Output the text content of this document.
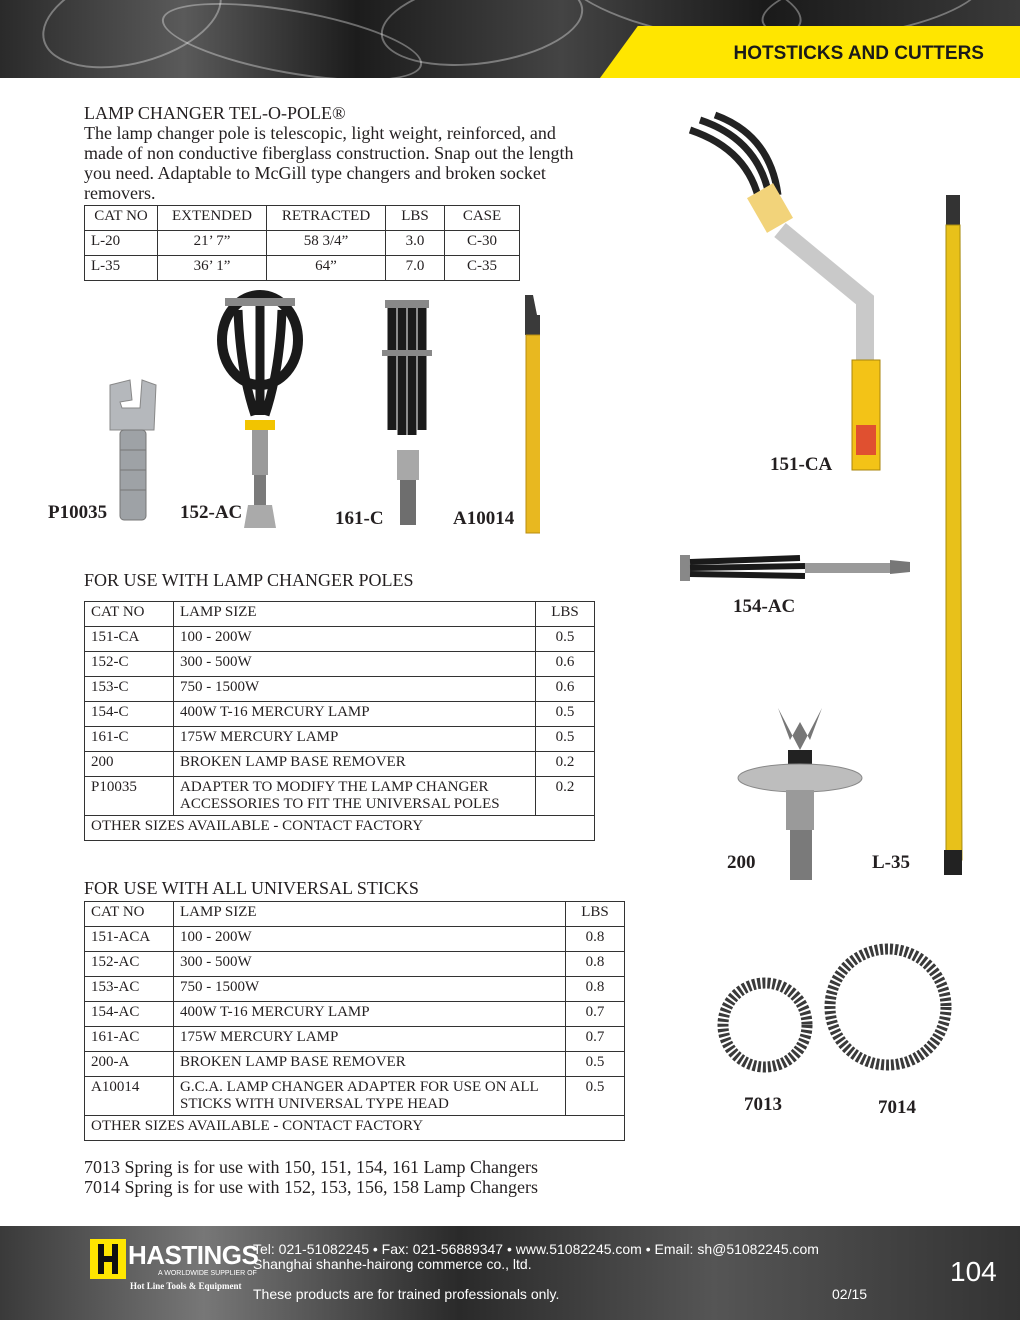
HOTSTICKS AND CUTTERS
LAMP CHANGER TEL-O-POLE®
The lamp changer pole is telescopic, light weight, reinforced, and
made of non conductive fiberglass construction. Snap out the length
you need. Adaptable to McGill type changers and broken socket
removers.
CAT NO	EXTENDED	RETRACTED	LBS	CASE
L-20	21’ 7”	58 3/4”	3.0	C-30
L-35	36’ 1”	64”	7.0	C-35
P10035	152-AC	161-C	A10014
151-CA
154-AC
200	L-35
7013	7014
FOR USE WITH LAMP CHANGER POLES
CAT NO	LAMP SIZE	LBS
151-CA	100 - 200W	0.5
152-C	300 - 500W	0.6
153-C	750 - 1500W	0.6
154-C	400W T-16 MERCURY LAMP	0.5
161-C	175W MERCURY LAMP	0.5
200	BROKEN LAMP BASE REMOVER	0.2
P10035	ADAPTER TO MODIFY THE LAMP CHANGER ACCESSORIES TO FIT THE UNIVERSAL POLES	0.2
OTHER SIZES AVAILABLE - CONTACT FACTORY		
FOR USE WITH ALL UNIVERSAL STICKS
CAT NO	LAMP SIZE	LBS
151-ACA	100 - 200W	0.8
152-AC	300 - 500W	0.8
153-AC	750 - 1500W	0.8
154-AC	400W T-16 MERCURY LAMP	0.7
161-AC	175W MERCURY LAMP	0.7
200-A	BROKEN LAMP BASE REMOVER	0.5
A10014	G.C.A. LAMP CHANGER ADAPTER FOR USE ON ALL STICKS WITH UNIVERSAL TYPE HEAD	0.5
OTHER SIZES AVAILABLE - CONTACT FACTORY		
7013 Spring is for use with 150, 151, 154, 161 Lamp Changers
7014 Spring is for use with 152, 153, 156, 158 Lamp Changers
HASTINGS
A WORLDWIDE SUPPLIER OF
Hot Line Tools & Equipment
Tel: 021-51082245 • Fax: 021-56889347 • www.51082245.com • Email: sh@51082245.com
Shanghai shanhe-hairong commerce co., ltd.
These products are for trained professionals only.	02/15
104
